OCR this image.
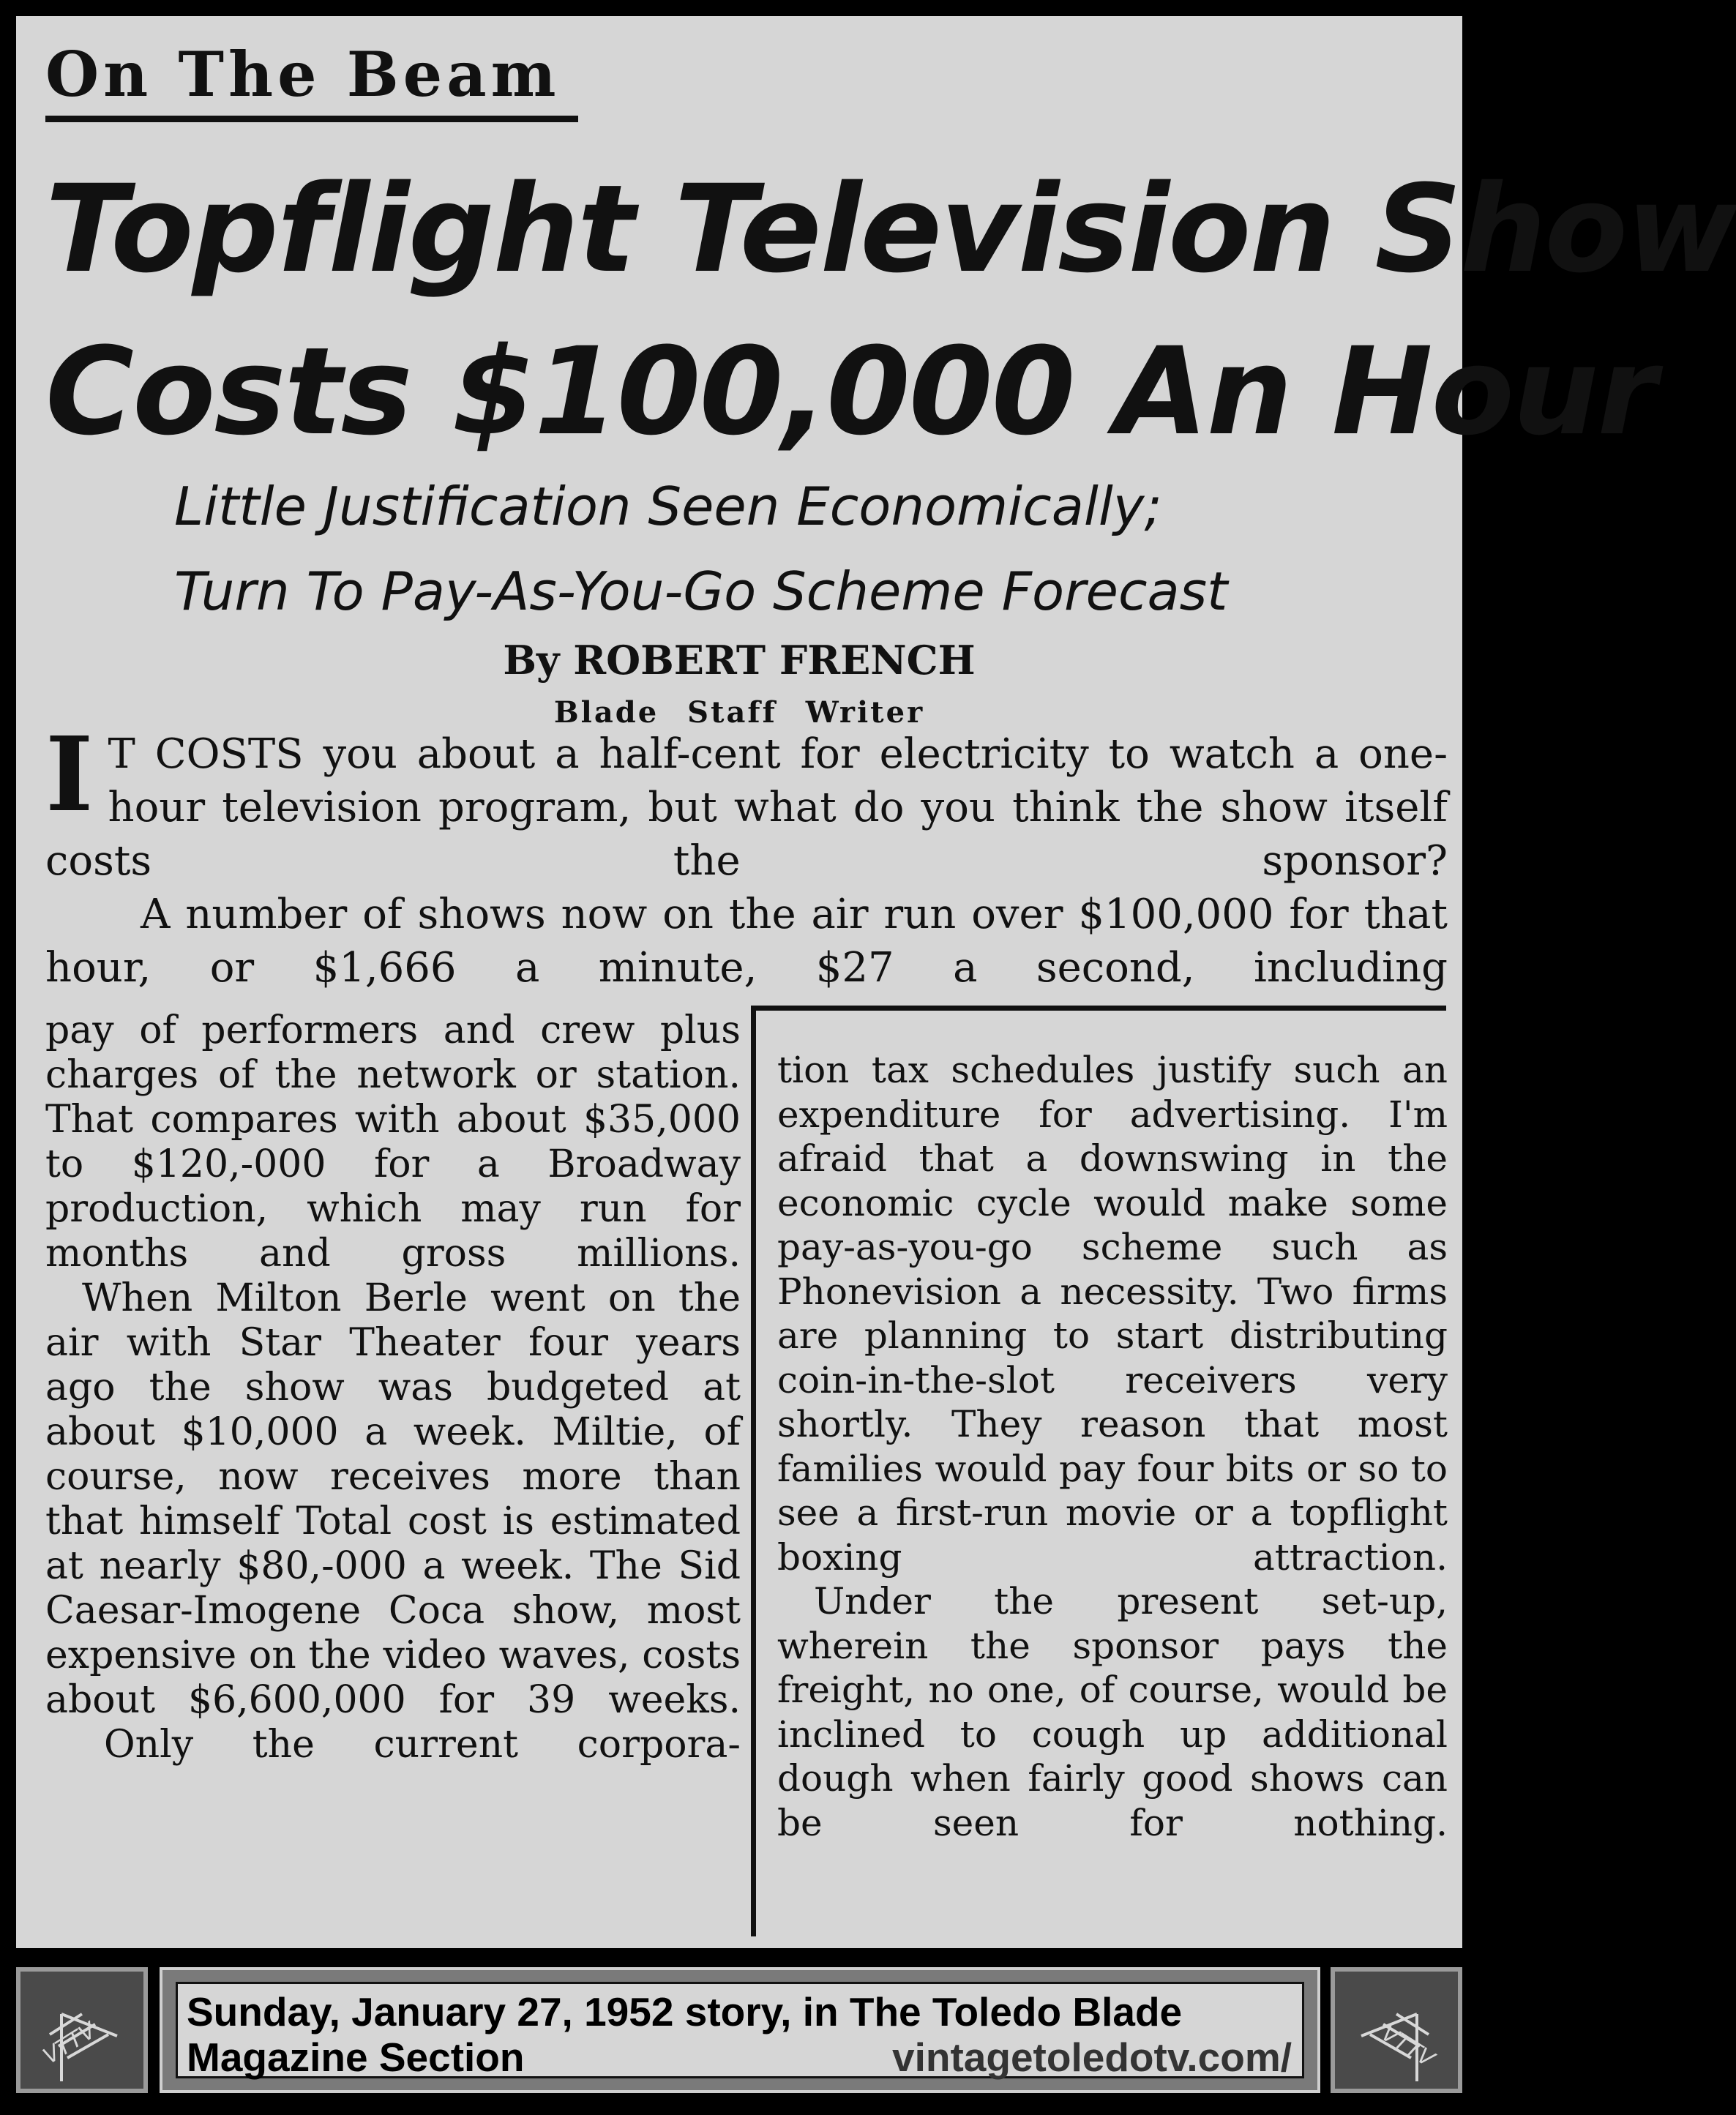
On The Beam
Topflight Television Show
Costs $100,000 An Hour
Little Justification Seen Economically;
Turn To Pay-As-You-Go Scheme Forecast
By ROBERT FRENCH
Blade Staff Writer

I T COSTS you about a half-cent for electricity to watch a one-hour television program, but what do you think the show itself costs the sponsor?

A number of shows now on the air run over $100,000 for that hour, or $1,666 a minute, $27 a second, including

pay of performers and crew plus charges of the network or station. That compares with about $35,000 to $120,-000 for a Broadway production, which may run for months and gross millions.

When Milton Berle went on the air with Star Theater four years ago the show was budgeted at about $10,000 a week. Miltie, of course, now receives more than that himself Total cost is estimated at nearly $80,-000 a week. The Sid Caesar-Imogene Coca show, most expensive on the video waves, costs about $6,600,000 for 39 weeks.

Only the current corpora-

tion tax schedules justify such an expenditure for advertising. I'm afraid that a downswing in the economic cycle would make some pay-as-you-go scheme such as Phonevision a necessity. Two firms are planning to start distributing coin-in-the-slot receivers very shortly. They reason that most families would pay four bits or so to see a first-run movie or a topflight boxing attraction.

Under the present set-up, wherein the sponsor pays the freight, no one, of course, would be inclined to cough up additional dough when fairly good shows can be seen for nothing.

VTTV
Sunday, January 27, 1952 story, in The Toledo Blade
Magazine Section	vintagetoledotv.com/	VTTV
